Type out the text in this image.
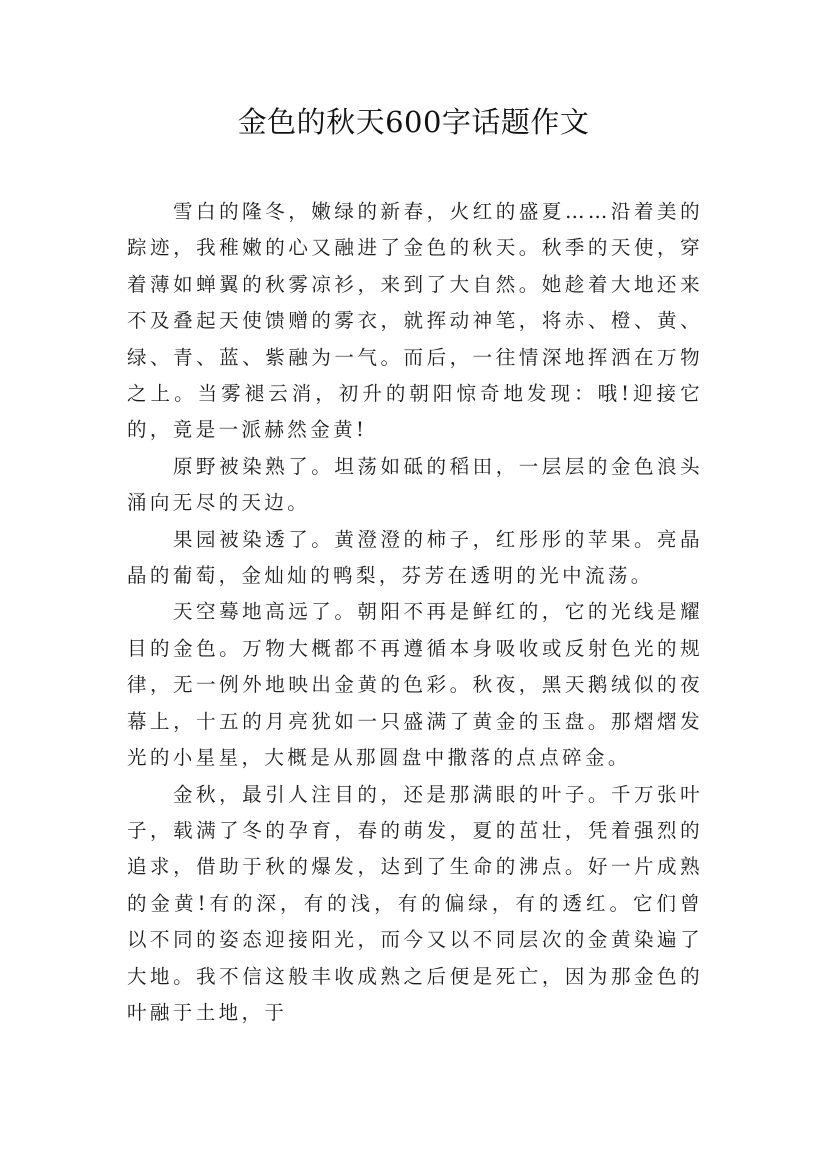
金色的秋天600字话题作文

雪白的隆冬，嫩绿的新春，火红的盛夏……沿着美的踪迹，我稚嫩的心又融进了金色的秋天。秋季的天使，穿着薄如蝉翼的秋雾凉衫，来到了大自然。她趁着大地还来不及叠起天使馈赠的雾衣，就挥动神笔，将赤、橙、黄、绿、青、蓝、紫融为一气。而后，一往情深地挥洒在万物之上。当雾褪云消，初升的朝阳惊奇地发现：哦!迎接它的，竟是一派赫然金黄!

原野被染熟了。坦荡如砥的稻田，一层层的金色浪头涌向无尽的天边。

果园被染透了。黄澄澄的柿子，红彤彤的苹果。亮晶晶的葡萄，金灿灿的鸭梨，芬芳在透明的光中流荡。

天空蓦地高远了。朝阳不再是鲜红的，它的光线是耀目的金色。万物大概都不再遵循本身吸收或反射色光的规律，无一例外地映出金黄的色彩。秋夜，黑天鹅绒似的夜幕上，十五的月亮犹如一只盛满了黄金的玉盘。那熠熠发光的小星星，大概是从那圆盘中撒落的点点碎金。

金秋，最引人注目的，还是那满眼的叶子。千万张叶子，载满了冬的孕育，春的萌发，夏的茁壮，凭着强烈的追求，借助于秋的爆发，达到了生命的沸点。好一片成熟的金黄!有的深，有的浅，有的偏绿，有的透红。它们曾以不同的姿态迎接阳光，而今又以不同层次的金黄染遍了大地。我不信这般丰收成熟之后便是死亡，因为那金色的叶融于土地，于
